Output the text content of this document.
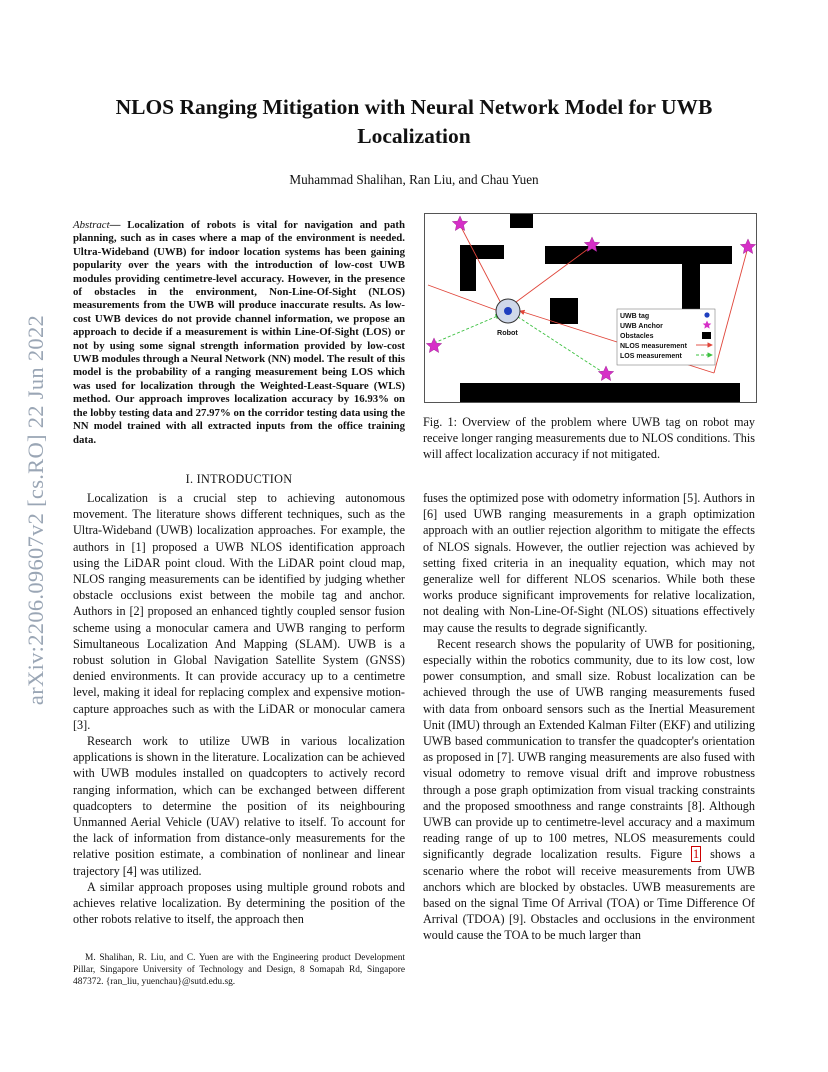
arXiv:2206.09607v2 [cs.RO] 22 Jun 2022
NLOS Ranging Mitigation with Neural Network Model for UWB Localization
Muhammad Shalihan, Ran Liu, and Chau Yuen
Abstract— Localization of robots is vital for navigation and path planning, such as in cases where a map of the environment is needed. Ultra-Wideband (UWB) for indoor location systems has been gaining popularity over the years with the introduction of low-cost UWB modules providing centimetre-level accuracy. However, in the presence of obstacles in the environment, Non-Line-Of-Sight (NLOS) measurements from the UWB will produce inaccurate results. As low-cost UWB devices do not provide channel information, we propose an approach to decide if a measurement is within Line-Of-Sight (LOS) or not by using some signal strength information provided by low-cost UWB modules through a Neural Network (NN) model. The result of this model is the probability of a ranging measurement being LOS which was used for localization through the Weighted-Least-Square (WLS) method. Our approach improves localization accuracy by 16.93% on the lobby testing data and 27.97% on the corridor testing data using the NN model trained with all extracted inputs from the office training data.
I. INTRODUCTION

Localization is a crucial step to achieving autonomous movement. The literature shows different techniques, such as the Ultra-Wideband (UWB) localization approaches. For example, the authors in [1] proposed a UWB NLOS identification approach using the LiDAR point cloud. With the LiDAR point cloud map, NLOS ranging measurements can be identified by judging whether obstacle occlusions exist between the mobile tag and anchor. Authors in [2] proposed an enhanced tightly coupled sensor fusion scheme using a monocular camera and UWB ranging to perform Simultaneous Localization And Mapping (SLAM). UWB is a robust solution in Global Navigation Satellite System (GNSS) denied environments. It can provide accuracy up to a centimetre level, making it ideal for replacing complex and expensive motion-capture approaches such as with the LiDAR or monocular camera [3].

Research work to utilize UWB in various localization applications is shown in the literature. Localization can be achieved with UWB modules installed on quadcopters to actively record ranging information, which can be exchanged between different quadcopters to determine the position of its neighbouring Unmanned Aerial Vehicle (UAV) relative to itself. To account for the lack of information from distance-only measurements for the relative position estimate, a combination of nonlinear and linear trajectory [4] was utilized.

A similar approach proposes using multiple ground robots and achieves relative localization. By determining the position of the other robots relative to itself, the approach then

M. Shalihan, R. Liu, and C. Yuen are with the Engineering product Development Pillar, Singapore University of Technology and Design, 8 Somapah Rd, Singapore 487372. {ran_liu, yuenchau}@sutd.edu.sg.
Robot
UWB tag
UWB Anchor
Obstacles
NLOS measurement
LOS measurement
Fig. 1: Overview of the problem where UWB tag on robot may receive longer ranging measurements due to NLOS conditions. This will affect localization accuracy if not mitigated.

fuses the optimized pose with odometry information [5]. Authors in [6] used UWB ranging measurements in a graph optimization approach with an outlier rejection algorithm to mitigate the effects of NLOS signals. However, the outlier rejection was achieved by setting fixed criteria in an inequality equation, which may not generalize well for different NLOS scenarios. While both these works produce significant improvements for relative localization, not dealing with Non-Line-Of-Sight (NLOS) situations effectively may cause the results to degrade significantly.

Recent research shows the popularity of UWB for positioning, especially within the robotics community, due to its low cost, low power consumption, and small size. Robust localization can be achieved through the use of UWB ranging measurements fused with data from onboard sensors such as the Inertial Measurement Unit (IMU) through an Extended Kalman Filter (EKF) and utilizing UWB based communication to transfer the quadcopter's orientation as proposed in [7]. UWB ranging measurements are also fused with visual odometry to remove visual drift and improve robustness through a pose graph optimization from visual tracking constraints and the proposed smoothness and range constraints [8]. Although UWB can provide up to centimetre-level accuracy and a maximum reading range of up to 100 metres, NLOS measurements could significantly degrade localization results. Figure 1 shows a scenario where the robot will receive measurements from UWB anchors which are blocked by obstacles. UWB measurements are based on the signal Time Of Arrival (TOA) or Time Difference Of Arrival (TDOA) [9]. Obstacles and occlusions in the environment would cause the TOA to be much larger than
